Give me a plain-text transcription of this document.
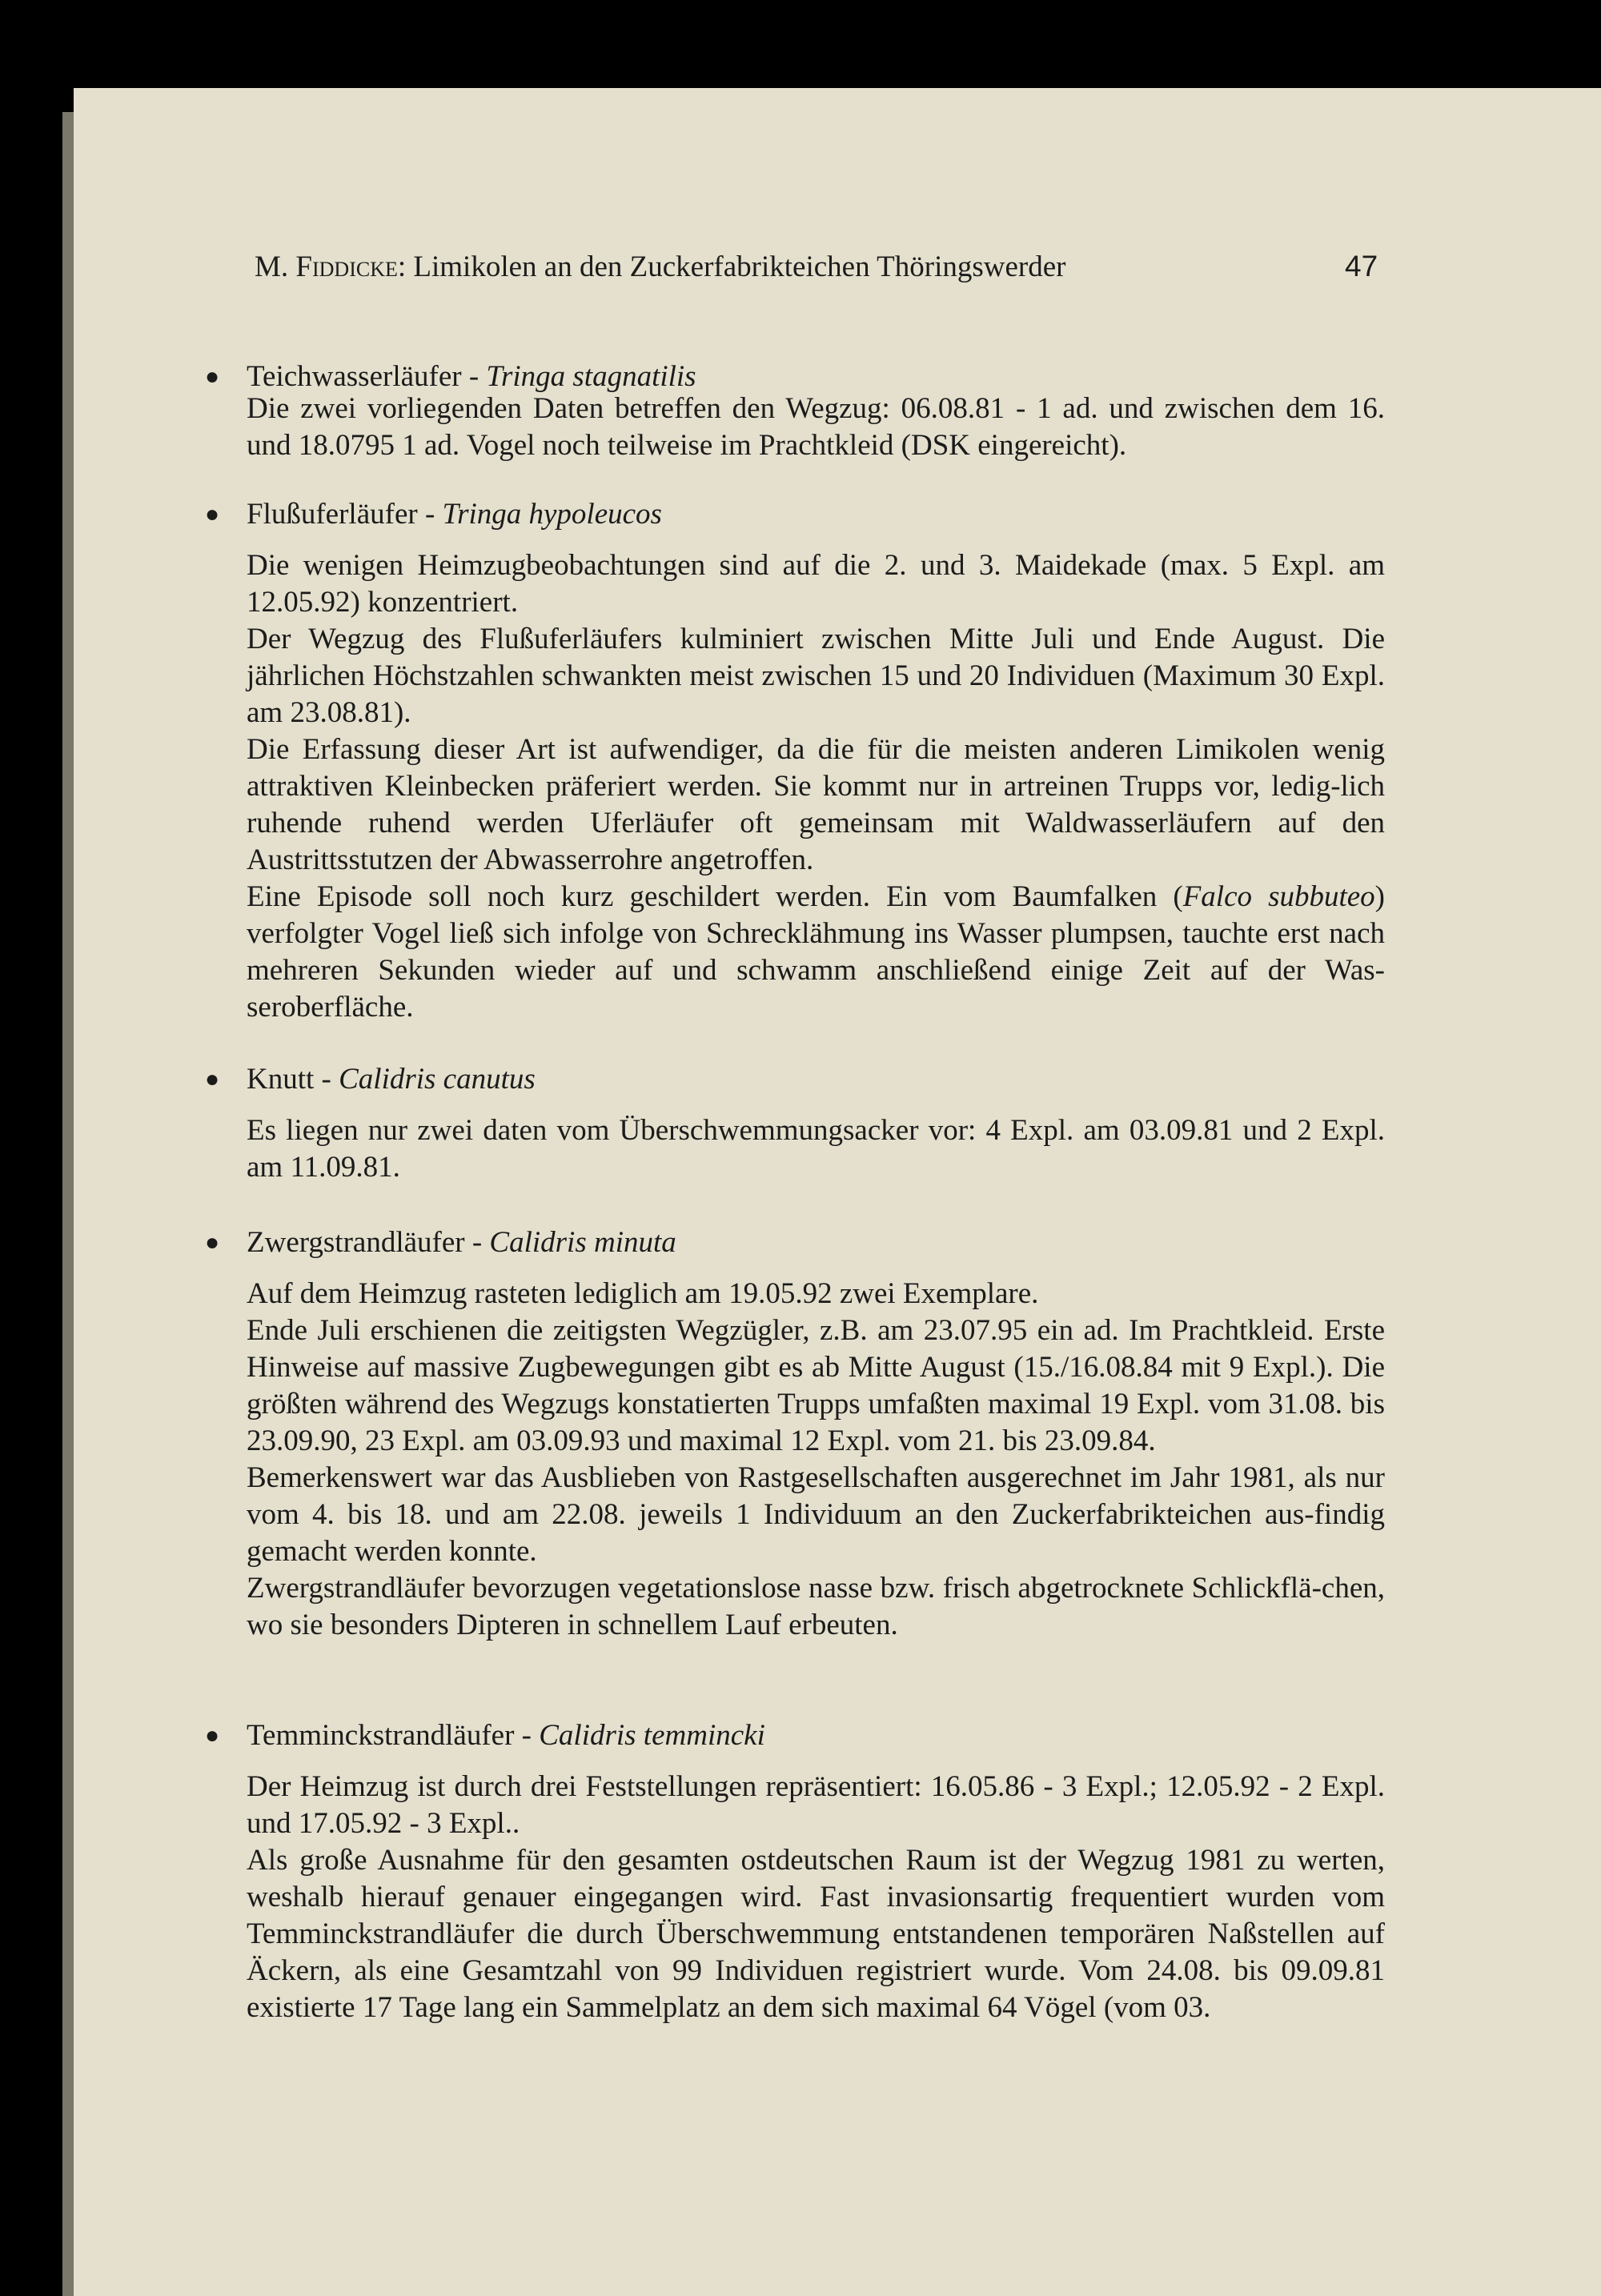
M. Fiddicke: Limikolen an den Zuckerfabrikteichen Thöringswerder	47
● Teichwasserläufer - Tringa stagnatilis

Die zwei vorliegenden Daten betreffen den Wegzug: 06.08.81 - 1 ad. und zwischen dem 16. und 18.0795 1 ad. Vogel noch teilweise im Prachtkleid (DSK eingereicht).

● Flußuferläufer - Tringa hypoleucos

Die wenigen Heimzugbeobachtungen sind auf die 2. und 3. Maidekade (max. 5 Expl. am 12.05.92) konzentriert.

Der Wegzug des Flußuferläufers kulminiert zwischen Mitte Juli und Ende August. Die jährlichen Höchstzahlen schwankten meist zwischen 15 und 20 Individuen (Maximum 30 Expl. am 23.08.81).

Die Erfassung dieser Art ist aufwendiger, da die für die meisten anderen Limikolen wenig attraktiven Kleinbecken präferiert werden. Sie kommt nur in artreinen Trupps vor, ledig-lich ruhende ruhend werden Uferläufer oft gemeinsam mit Waldwasserläufern auf den Austrittsstutzen der Abwasserrohre angetroffen.

Eine Episode soll noch kurz geschildert werden. Ein vom Baumfalken (Falco subbuteo) verfolgter Vogel ließ sich infolge von Schrecklähmung ins Wasser plumpsen, tauchte erst nach mehreren Sekunden wieder auf und schwamm anschließend einige Zeit auf der Was-seroberfläche.

● Knutt - Calidris canutus

Es liegen nur zwei daten vom Überschwemmungsacker vor: 4 Expl. am 03.09.81 und 2 Expl. am 11.09.81.

● Zwergstrandläufer - Calidris minuta

Auf dem Heimzug rasteten lediglich am 19.05.92 zwei Exemplare.

Ende Juli erschienen die zeitigsten Wegzügler, z.B. am 23.07.95 ein ad. Im Prachtkleid. Erste Hinweise auf massive Zugbewegungen gibt es ab Mitte August (15./16.08.84 mit 9 Expl.). Die größten während des Wegzugs konstatierten Trupps umfaßten maximal 19 Expl. vom 31.08. bis 23.09.90, 23 Expl. am 03.09.93 und maximal 12 Expl. vom 21. bis 23.09.84.

Bemerkenswert war das Ausblieben von Rastgesellschaften ausgerechnet im Jahr 1981, als nur vom 4. bis 18. und am 22.08. jeweils 1 Individuum an den Zuckerfabrikteichen aus-findig gemacht werden konnte.

Zwergstrandläufer bevorzugen vegetationslose nasse bzw. frisch abgetrocknete Schlickflä-chen, wo sie besonders Dipteren in schnellem Lauf erbeuten.

● Temminckstrandläufer - Calidris temmincki

Der Heimzug ist durch drei Feststellungen repräsentiert: 16.05.86 - 3 Expl.; 12.05.92 - 2 Expl. und 17.05.92 - 3 Expl..

Als große Ausnahme für den gesamten ostdeutschen Raum ist der Wegzug 1981 zu werten, weshalb hierauf genauer eingegangen wird. Fast invasionsartig frequentiert wurden vom Temminckstrandläufer die durch Überschwemmung entstandenen temporären Naßstellen auf Äckern, als eine Gesamtzahl von 99 Individuen registriert wurde. Vom 24.08. bis 09.09.81 existierte 17 Tage lang ein Sammelplatz an dem sich maximal 64 Vögel (vom 03.
